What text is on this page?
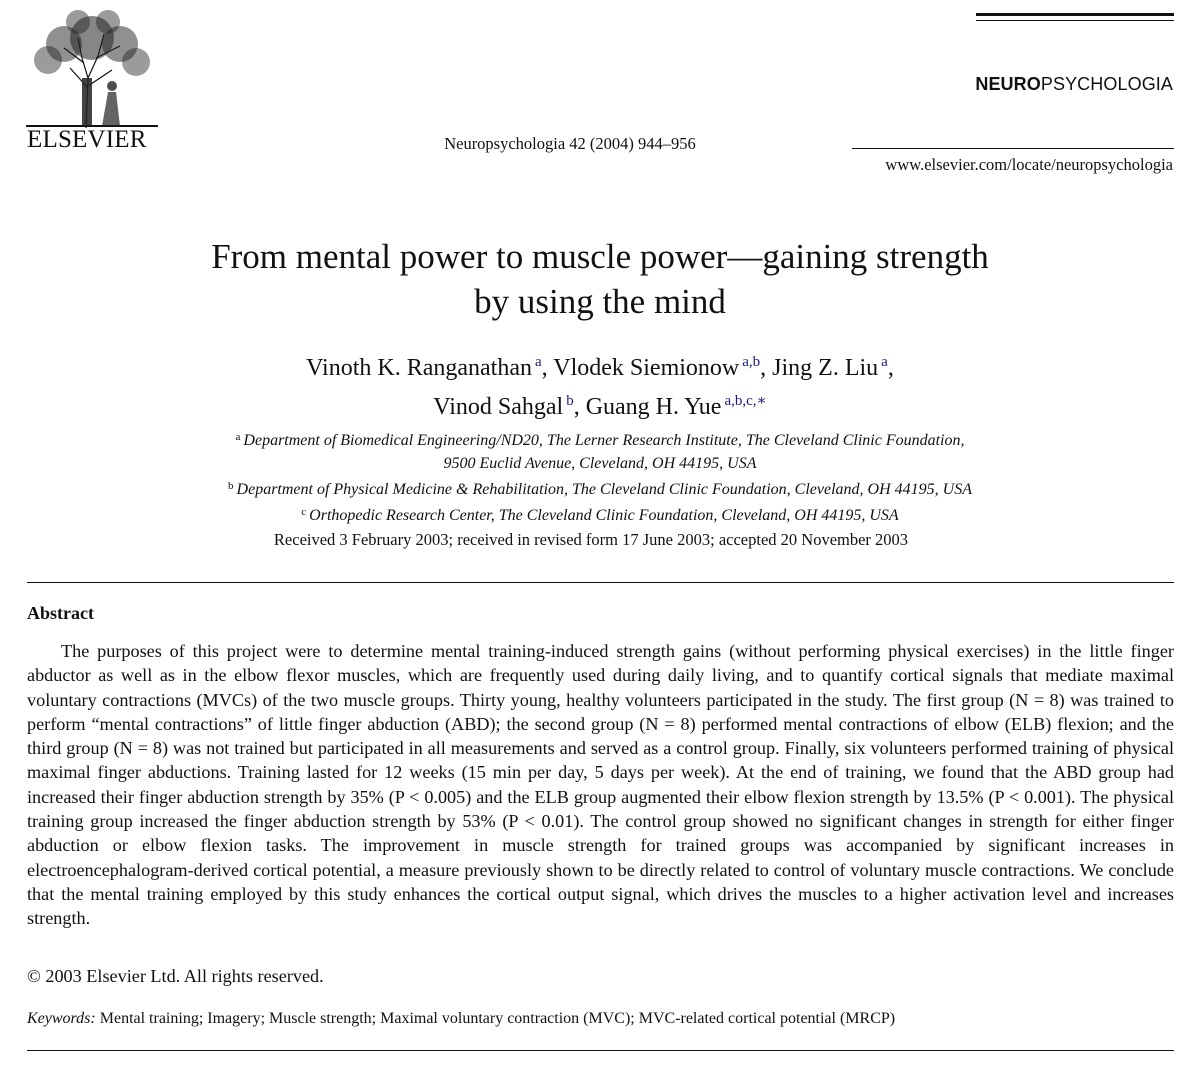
ELSEVIER	Neuropsychologia 42 (2004) 944–956
NEUROPSYCHOLOGIA
www.elsevier.com/locate/neuropsychologia
From mental power to muscle power—gaining strength
by using the mind
Vinoth K. Ranganathan $^a$, Vlodek Siemionow $^{a,b}$, Jing Z. Liu $^a$,
Vinod Sahgal $^b$, Guang H. Yue $^{a,b,c,∗}$
$^a$ Department of Biomedical Engineering/ND20, The Lerner Research Institute, The Cleveland Clinic Foundation,
9500 Euclid Avenue, Cleveland, OH 44195, USA
$^b$ Department of Physical Medicine & Rehabilitation, The Cleveland Clinic Foundation, Cleveland, OH 44195, USA
$^c$ Orthopedic Research Center, The Cleveland Clinic Foundation, Cleveland, OH 44195, USA
Received 3 February 2003; received in revised form 17 June 2003; accepted 20 November 2003
Abstract

The purposes of this project were to determine mental training-induced strength gains (without performing physical exercises) in the little finger abductor as well as in the elbow flexor muscles, which are frequently used during daily living, and to quantify cortical signals that mediate maximal voluntary contractions (MVCs) of the two muscle groups. Thirty young, healthy volunteers participated in the study. The first group (N = 8) was trained to perform “mental contractions” of little finger abduction (ABD); the second group (N = 8) performed mental contractions of elbow (ELB) flexion; and the third group (N = 8) was not trained but participated in all measurements and served as a control group. Finally, six volunteers performed training of physical maximal finger abductions. Training lasted for 12 weeks (15 min per day, 5 days per week). At the end of training, we found that the ABD group had increased their finger abduction strength by 35% (P < 0.005) and the ELB group augmented their elbow flexion strength by 13.5% (P < 0.001). The physical training group increased the finger abduction strength by 53% (P < 0.01). The control group showed no significant changes in strength for either finger abduction or elbow flexion tasks. The improvement in muscle strength for trained groups was accompanied by significant increases in electroencephalogram-derived cortical potential, a measure previously shown to be directly related to control of voluntary muscle contractions. We conclude that the mental training employed by this study enhances the cortical output signal, which drives the muscles to a higher activation level and increases strength.

© 2003 Elsevier Ltd. All rights reserved.
Keywords: Mental training; Imagery; Muscle strength; Maximal voluntary contraction (MVC); MVC-related cortical potential (MRCP)
